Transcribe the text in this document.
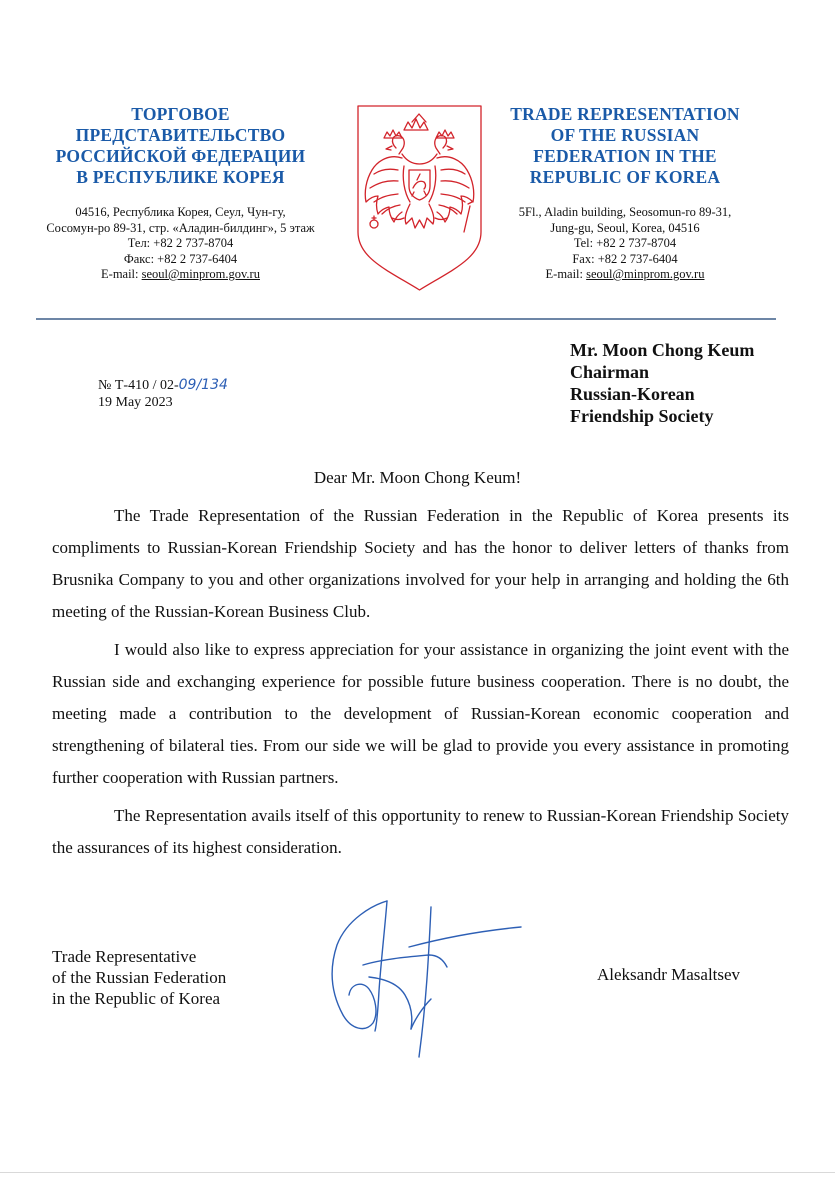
ТОРГОВОЕ
ПРЕДСТАВИТЕЛЬСТВО
РОССИЙСКОЙ ФЕДЕРАЦИИ
В РЕСПУБЛИКЕ КОРЕЯ
04516, Республика Корея, Сеул, Чун-гу,
Сосомун-ро 89-31, стр. «Аладин-билдинг», 5 этаж
Тел: +82 2 737-8704
Факс: +82 2 737-6404
E-mail: seoul@minprom.gov.ru
TRADE REPRESENTATION
OF THE RUSSIAN
FEDERATION IN THE
REPUBLIC OF KOREA
5Fl., Aladin building, Seosomun-ro 89-31,
Jung-gu, Seoul, Korea, 04516
Tel: +82 2 737-8704
Fax: +82 2 737-6404
E-mail: seoul@minprom.gov.ru
№ Т-410 / 02-09/134
19 May 2023
Mr. Moon Chong Keum
Chairman
Russian-Korean
Friendship Society
Dear Mr. Moon Chong Keum!

The Trade Representation of the Russian Federation in the Republic of Korea presents its compliments to Russian-Korean Friendship Society and has the honor to deliver letters of thanks from Brusnika Company to you and other organizations involved for your help in arranging and holding the 6th meeting of the Russian-Korean Business Club.

I would also like to express appreciation for your assistance in organizing the joint event with the Russian side and exchanging experience for possible future business cooperation. There is no doubt, the meeting made a contribution to the development of Russian-Korean economic cooperation and strengthening of bilateral ties. From our side we will be glad to provide you every assistance in promoting further cooperation with Russian partners.

The Representation avails itself of this opportunity to renew to Russian-Korean Friendship Society the assurances of its highest consideration.

Trade Representative
of the Russian Federation
in the Republic of Korea
Aleksandr Masaltsev
